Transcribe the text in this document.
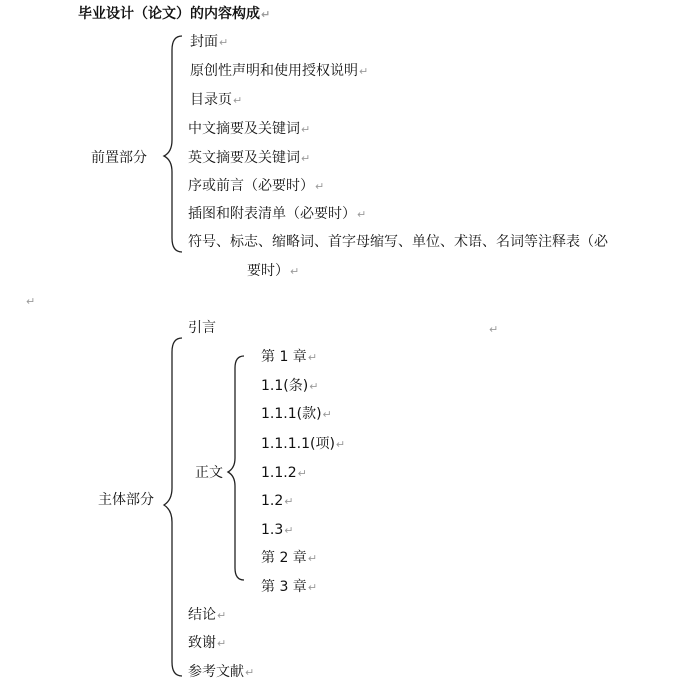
毕业设计（论文）的内容构成↵
前置部分
封面↵
原创性声明和使用授权说明↵
目录页↵
中文摘要及关键词↵
英文摘要及关键词↵
序或前言（必要时）↵
插图和附表清单（必要时）↵
符号、标志、缩略词、首字母缩写、单位、术语、名词等注释表（必
要时）↵
↵
↵
主体部分
引言
正文
第 1 章↵
1.1(条)↵
1.1.1(款)↵
1.1.1.1(项)↵
1.1.2↵
1.2↵
1.3↵
第 2 章↵
第 3 章↵
结论↵
致谢↵
参考文献↵
